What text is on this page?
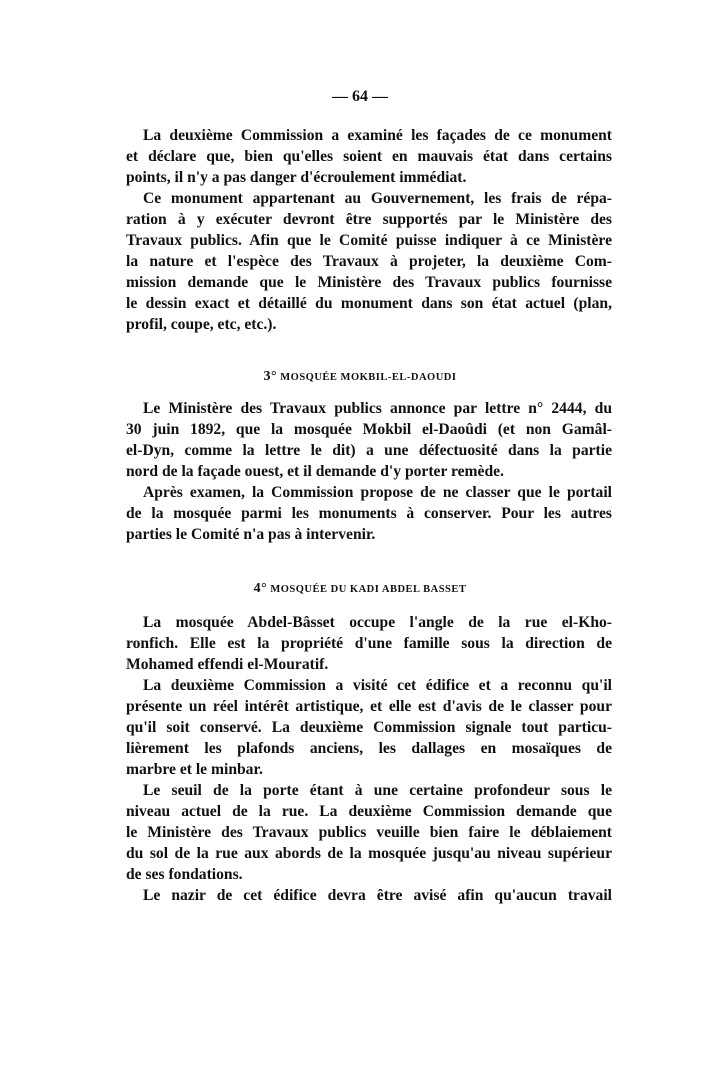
— 64 —
La deuxième Commission a examiné les façades de ce monument
et déclare que, bien qu'elles soient en mauvais état dans certains
points, il n'y a pas danger d'écroulement immédiat.
Ce monument appartenant au Gouvernement, les frais de répa-
ration à y exécuter devront être supportés par le Ministère des
Travaux publics. Afin que le Comité puisse indiquer à ce Ministère
la nature et l'espèce des Travaux à projeter, la deuxième Com-
mission demande que le Ministère des Travaux publics fournisse
le dessin exact et détaillé du monument dans son état actuel (plan,
profil, coupe, etc, etc.).
3° MOSQUÉE MOKBIL-EL-DAOUDI
Le Ministère des Travaux publics annonce par lettre n° 2444, du
30 juin 1892, que la mosquée Mokbil el-Daoûdi (et non Gamâl-
el-Dyn, comme la lettre le dit) a une défectuosité dans la partie
nord de la façade ouest, et il demande d'y porter remède.
Après examen, la Commission propose de ne classer que le portail
de la mosquée parmi les monuments à conserver. Pour les autres
parties le Comité n'a pas à intervenir.
4° MOSQUÉE DU KADI ABDEL BASSET
La mosquée Abdel-Bâsset occupe l'angle de la rue el-Kho-
ronfich. Elle est la propriété d'une famille sous la direction de
Mohamed effendi el-Mouratif.
La deuxième Commission a visité cet édifice et a reconnu qu'il
présente un réel intérêt artistique, et elle est d'avis de le classer pour
qu'il soit conservé. La deuxième Commission signale tout particu-
lièrement les plafonds anciens, les dallages en mosaïques de
marbre et le minbar.
Le seuil de la porte étant à une certaine profondeur sous le
niveau actuel de la rue. La deuxième Commission demande que
le Ministère des Travaux publics veuille bien faire le déblaiement
du sol de la rue aux abords de la mosquée jusqu'au niveau supérieur
de ses fondations.
Le nazir de cet édifice devra être avisé afin qu'aucun travail
